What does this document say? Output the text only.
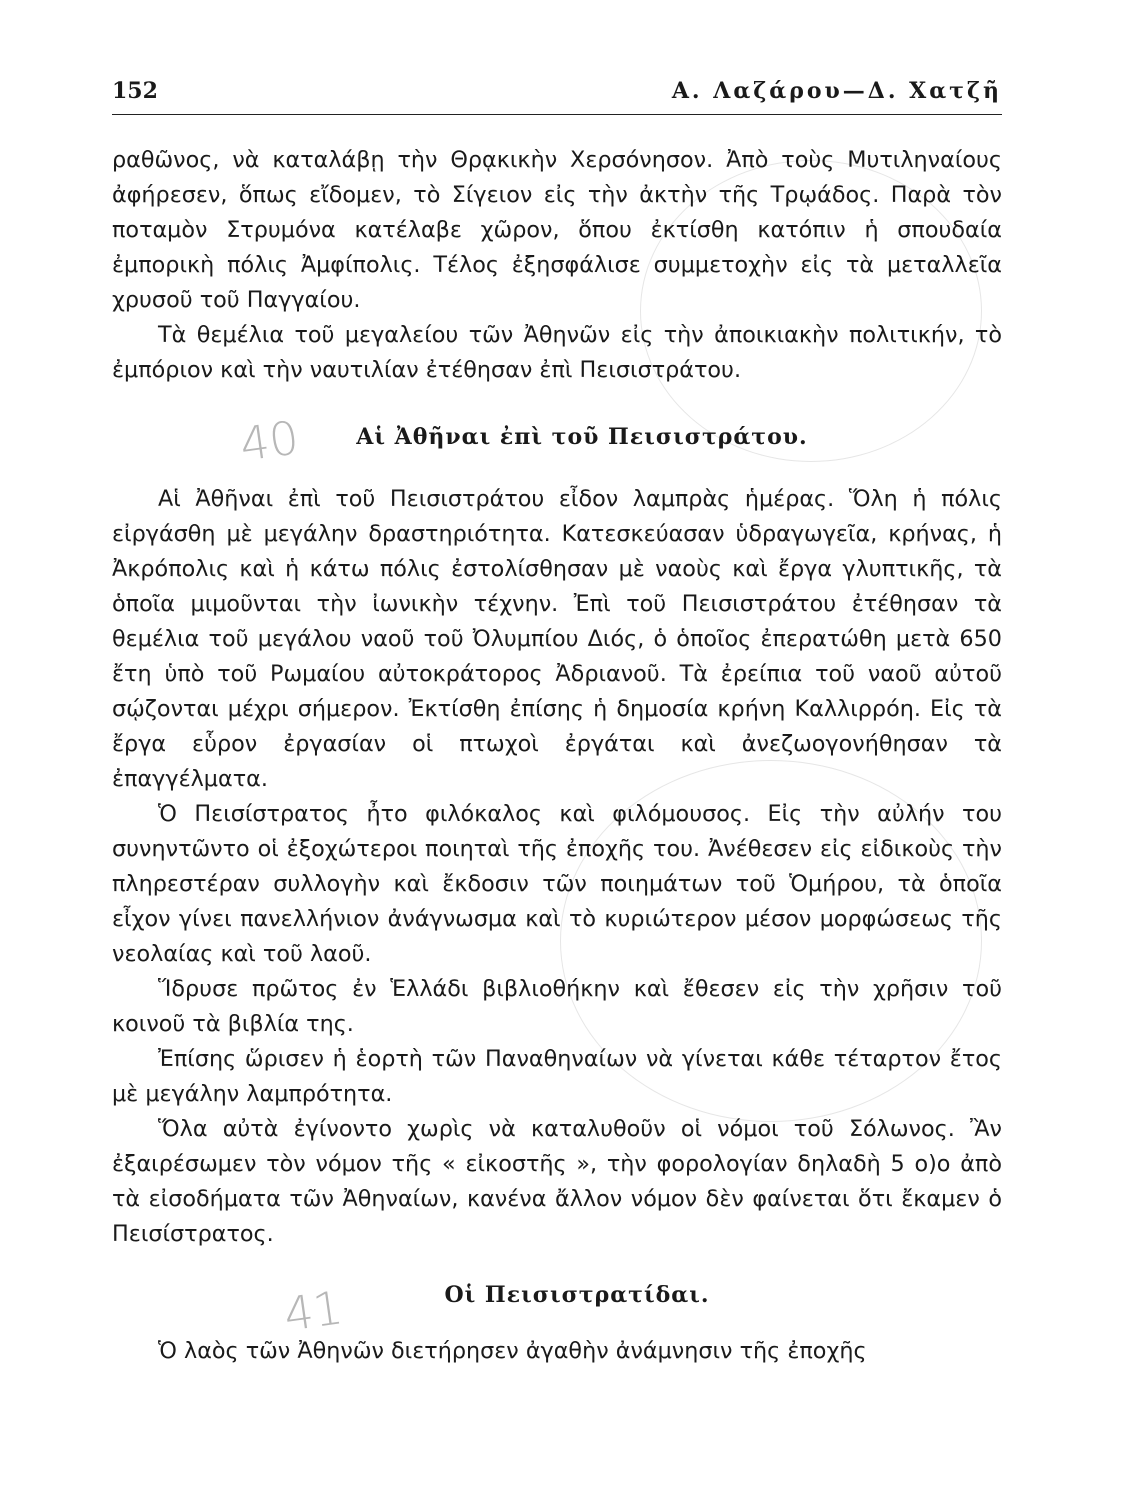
40
41
152	Α. Λαζάρου—Δ. Χατζῆ

ραθῶνος, νὰ καταλάβῃ τὴν Θρᾳκικὴν Χερσόνησον. Ἀπὸ τοὺς Μυτιληναίους ἀφήρεσεν, ὅπως εἴδομεν, τὸ Σίγειον εἰς τὴν ἀκτὴν τῆς Τρῳάδος. Παρὰ τὸν ποταμὸν Στρυμόνα κατέλαβε χῶρον, ὅπου ἐκτίσθη κατόπιν ἡ σπουδαία ἐμπορικὴ πόλις Ἀμφίπολις. Τέλος ἐξησφάλισε συμμετοχὴν εἰς τὰ μεταλλεῖα χρυσοῦ τοῦ Παγγαίου.

Τὰ θεμέλια τοῦ μεγαλείου τῶν Ἀθηνῶν εἰς τὴν ἀποικιακὴν πολιτικήν, τὸ ἐμπόριον καὶ τὴν ναυτιλίαν ἐτέθησαν ἐπὶ Πεισιστράτου.

Αἱ Ἀθῆναι ἐπὶ τοῦ Πεισιστράτου.

Αἱ Ἀθῆναι ἐπὶ τοῦ Πεισιστράτου εἶδον λαμπρὰς ἡμέρας. Ὅλη ἡ πόλις εἰργάσθη μὲ μεγάλην δραστηριότητα. Κατεσκεύασαν ὑδραγωγεῖα, κρήνας, ἡ Ἀκρόπολις καὶ ἡ κάτω πόλις ἐστολίσθησαν μὲ ναοὺς καὶ ἔργα γλυπτικῆς, τὰ ὁποῖα μιμοῦνται τὴν ἰωνικὴν τέχνην. Ἐπὶ τοῦ Πεισιστράτου ἐτέθησαν τὰ θεμέλια τοῦ μεγάλου ναοῦ τοῦ Ὀλυμπίου Διός, ὁ ὁποῖος ἐπερατώθη μετὰ 650 ἔτη ὑπὸ τοῦ Ρωμαίου αὐτοκράτορος Ἀδριανοῦ. Τὰ ἐρείπια τοῦ ναοῦ αὐτοῦ σῴζονται μέχρι σήμερον. Ἐκτίσθη ἐπίσης ἡ δημοσία κρήνη Καλλιρρόη. Εἰς τὰ ἔργα εὗρον ἐργασίαν οἱ πτωχοὶ ἐργάται καὶ ἀνεζωογονήθησαν τὰ ἐπαγγέλματα.

Ὁ Πεισίστρατος ἦτο φιλόκαλος καὶ φιλόμουσος. Εἰς τὴν αὐλήν του συνηντῶντο οἱ ἐξοχώτεροι ποιηταὶ τῆς ἐποχῆς του. Ἀνέθεσεν εἰς εἰδικοὺς τὴν πληρεστέραν συλλογὴν καὶ ἔκδοσιν τῶν ποιημάτων τοῦ Ὁμήρου, τὰ ὁποῖα εἶχον γίνει πανελλήνιον ἀνάγνωσμα καὶ τὸ κυριώτερον μέσον μορφώσεως τῆς νεολαίας καὶ τοῦ λαοῦ.

Ἵδρυσε πρῶτος ἐν Ἑλλάδι βιβλιοθήκην καὶ ἔθεσεν εἰς τὴν χρῆσιν τοῦ κοινοῦ τὰ βιβλία της.

Ἐπίσης ὥρισεν ἡ ἑορτὴ τῶν Παναθηναίων νὰ γίνεται κάθε τέταρτον ἔτος μὲ μεγάλην λαμπρότητα.

Ὅλα αὐτὰ ἐγίνοντο χωρὶς νὰ καταλυθοῦν οἱ νόμοι τοῦ Σόλωνος. Ἂν ἐξαιρέσωμεν τὸν νόμον τῆς « εἰκοστῆς », τὴν φορολογίαν δηλαδὴ 5 ο)ο ἀπὸ τὰ εἰσοδήματα τῶν Ἀθηναίων, κανένα ἄλλον νόμον δὲν φαίνεται ὅτι ἔκαμεν ὁ Πεισίστρατος.

Οἱ Πεισιστρατίδαι.

Ὁ λαὸς τῶν Ἀθηνῶν διετήρησεν ἀγαθὴν ἀνάμνησιν τῆς ἐποχῆς
